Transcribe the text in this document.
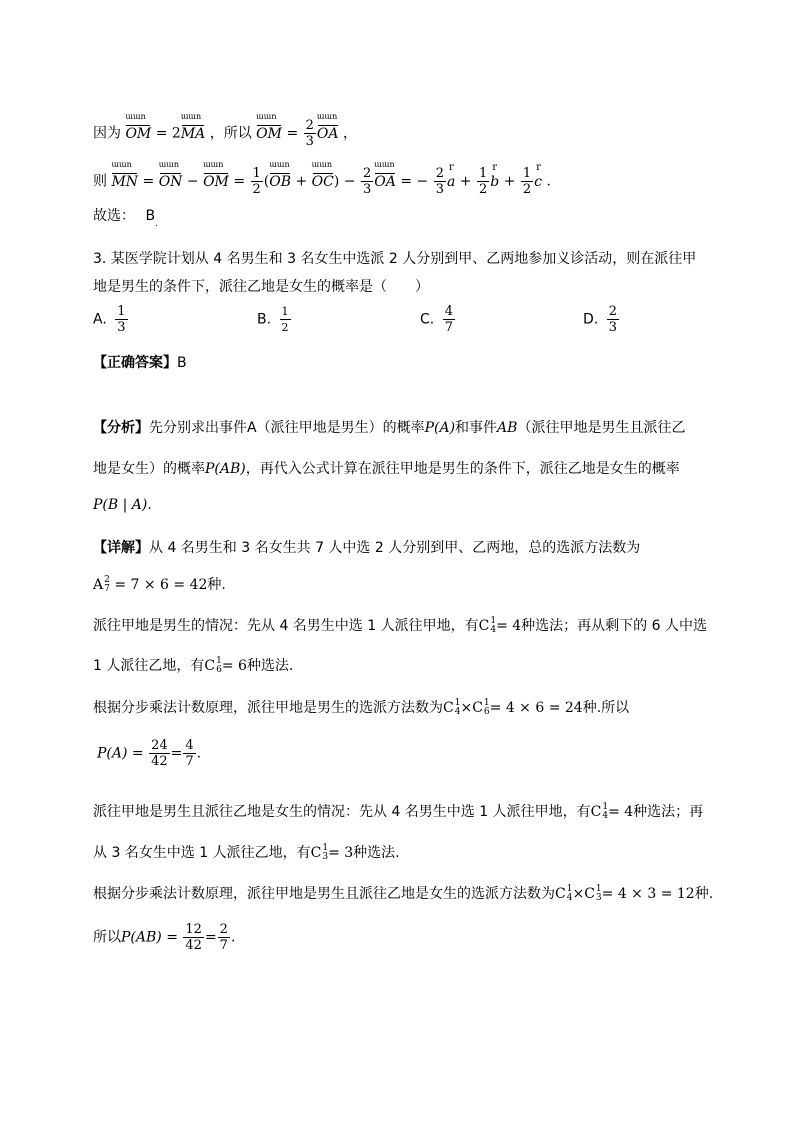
因为
ɯɯn
OM = 2
ɯɯn
MA ，所以
ɯɯn
OM = $\frac{2}{3}$
ɯɯn
OA ，
则
ɯɯn
MN =
ɯɯn
ON −
ɯɯn
OM = $\frac{1}{2}$ (
ɯɯn
OB +
ɯɯn
$OC) - \frac{2}{3}$
ɯɯn
OA = − $\frac{2}{3}$ r
$a + \frac{1}{2}$ r
$b + \frac{1}{2}$ r
c .
故选： $B_.$
3. 某医学院计划从 4 名男生和 3 名女生中选派 2 人分别到甲、乙两地参加义诊活动，则在派往甲
地是男生的条件下，派往乙地是女生的概率是（　　）
A. $\frac{1}{3}$	B. $\frac{1}{2}$	C. $\frac{4}{7}$	D. $\frac{2}{3}$
【正确答案】B
【分析】先分别求出事件A（派往甲地是男生）的概率P(A)和事件AB（派往甲地是男生且派往乙
地是女生）的概率P(AB)，再代入公式计算在派往甲地是男生的条件下，派往乙地是女生的概率
P(B | A).
【详解】从 4 名男生和 3 名女生共 7 人中选 2 人分别到甲、乙两地，总的选派方法数为
A 2
7 = 7 × 6 = 42种.
派往甲地是男生的情况：先从 4 名男生中选 1 人派往甲地，有C 1
4 = 4种选法；再从剩下的 6 人中选
1 人派往乙地，有C 1
6 = 6种选法.
根据分步乘法计数原理，派往甲地是男生的选派方法数为C 1
4 ×C 1
6 = 4 × 6 = 24种.所以
$P(A) = \frac{24}{42} = \frac{4}{7}$ .
派往甲地是男生且派往乙地是女生的情况：先从 4 名男生中选 1 人派往甲地，有C 1
4 = 4种选法；再
从 3 名女生中选 1 人派往乙地，有C 1
3 = 3种选法.
根据分步乘法计数原理，派往甲地是男生且派往乙地是女生的选派方法数为C 1
4 ×C 1
3 = 4 × 3 = 12种.
所以$P(AB) = \frac{12}{42} = \frac{2}{7}$ .
